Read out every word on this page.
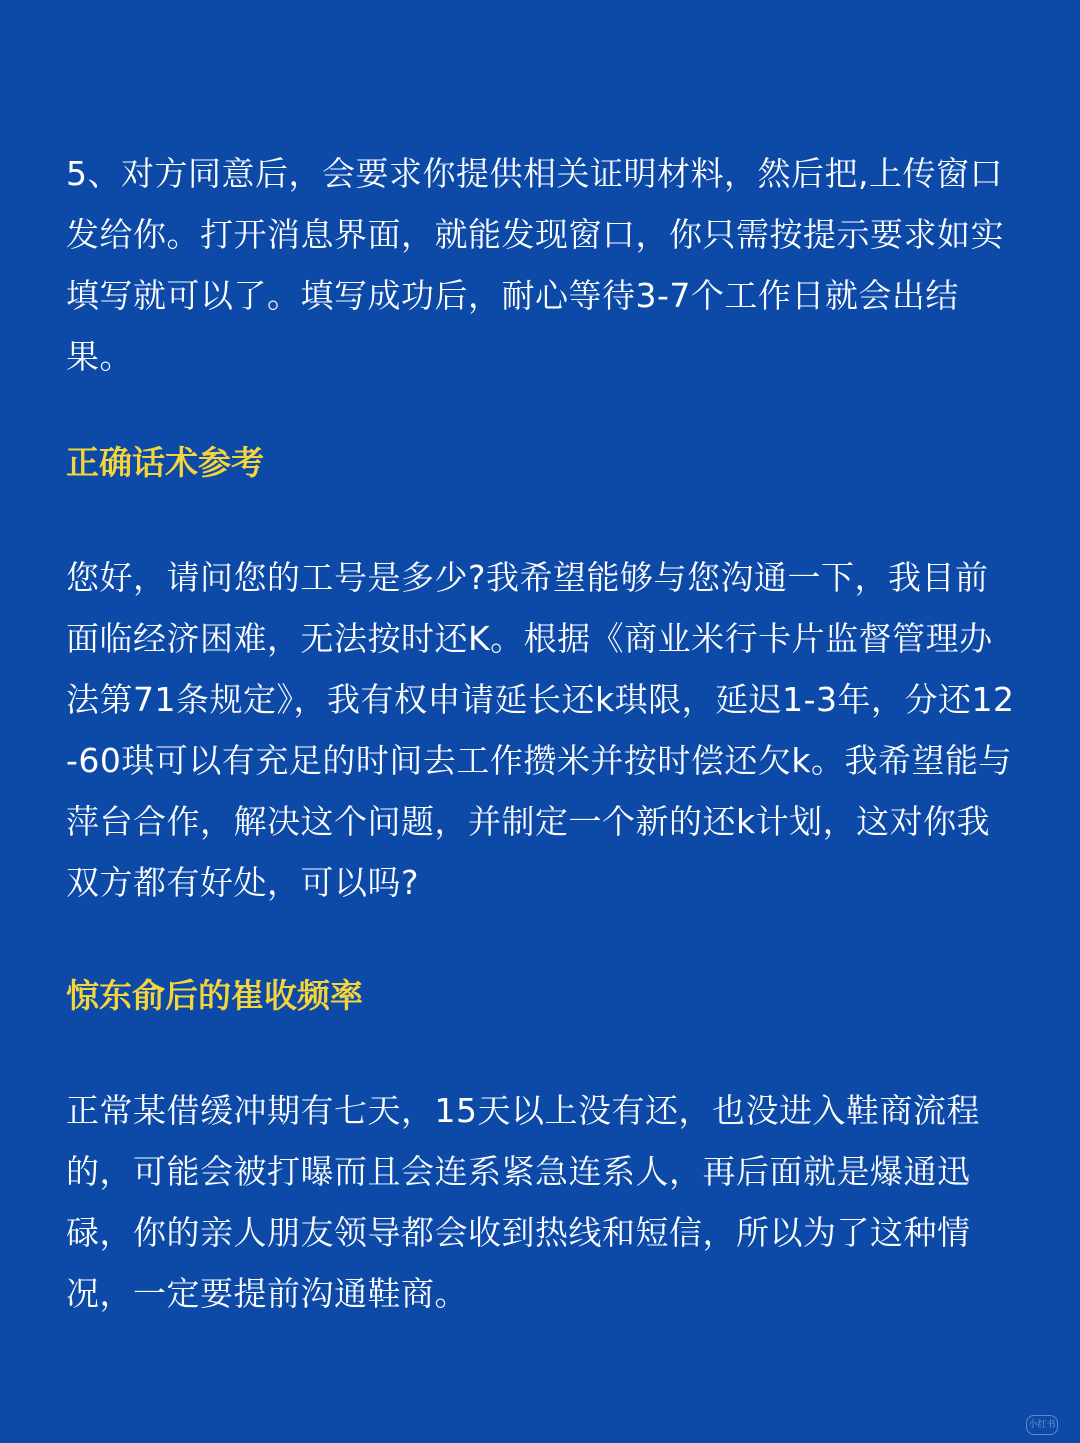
5、对方同意后，会要求你提供相关证明材料，然后把,上传窗口发给你。打开消息界面，就能发现窗口，你只需按提示要求如实填写就可以了。填写成功后，耐心等待3-7个工作日就会出结果。

正确话术参考

您好，请问您的工号是多少?我希望能够与您沟通一下，我目前面临经济困难，无法按时还K。根据《商业米行卡片监督管理办法第71条规定》，我有权申请延长还k琪限，延迟1-3年，分还12-60琪可以有充足的时间去工作攒米并按时偿还欠k。我希望能与萍台合作，解决这个问题，并制定一个新的还k计划，这对你我双方都有好处，可以吗?

惊东俞后的崔收频率

正常某借缓冲期有七天，15天以上没有还，也没进入鞋商流程的，可能会被打曝而且会连系紧急连系人，再后面就是爆通迅碌，你的亲人朋友领导都会收到热线和短信，所以为了这种情况，一定要提前沟通鞋商。

小红书
